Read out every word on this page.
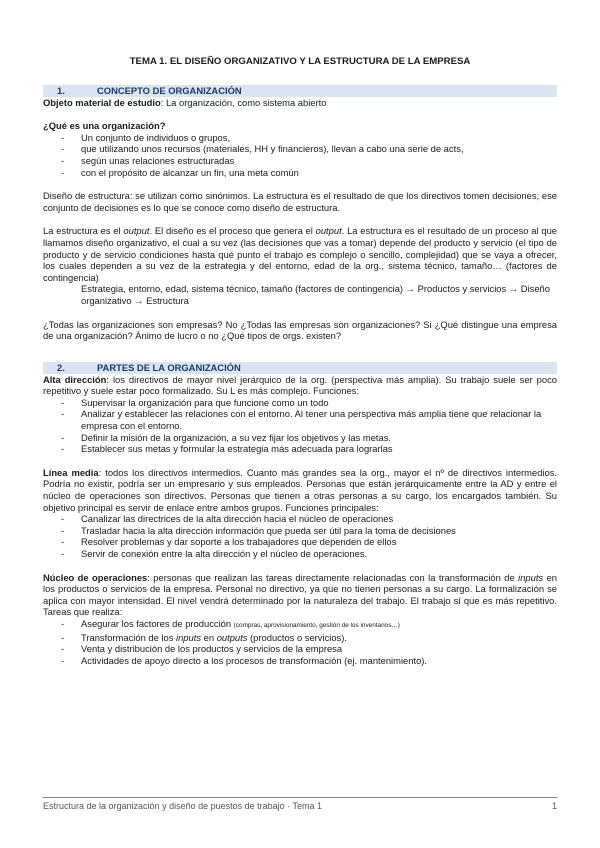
TEMA 1. EL DISEÑO ORGANIZATIVO Y LA ESTRUCTURA DE LA EMPRESA
1.	CONCEPTO DE ORGANIZACIÓN

Objeto material de estudio: La organización, como sistema abierto

¿Qué es una organización?

- Un conjunto de individuos o grupos,
- que utilizando unos recursos (materiales, HH y financieros), llevan a cabo una serie de acts,
- según unas relaciones estructuradas
- con el propósito de alcanzar un fin, una meta común

Diseño de estructura: se utilizan como sinónimos. La estructura es el resultado de que los directivos tomen decisiones, ese conjunto de decisiones es lo que se conoce como diseño de estructura.

La estructura es el output. El diseño es el proceso que genera el output. La estructura es el resultado de un proceso al que llamamos diseño organizativo, el cual a su vez (las decisiones que vas a tomar) depende del producto y servicio (el tipo de producto y de servicio condiciones hasta qué punto el trabajo es complejo o sencillo, complejidad) que se vaya a ofrecer, los cuales dependen a su vez de la estrategia y del entorno, edad de la org., sistema técnico, tamaño… (factores de contingencia)

Estrategia, entorno, edad, sistema técnico, tamaño (factores de contingencia) → Productos y servicios → Diseño organizativo → Estructura

¿Todas las organizaciones son empresas? No ¿Todas las empresas son organizaciones? Si ¿Qué distingue una empresa de una organización? Ánimo de lucro o no ¿Qué tipos de orgs. existen?

2.	PARTES DE LA ORGANIZACIÓN

Alta dirección: los directivos de mayor nivel jerárquico de la org. (perspectiva más amplia). Su trabajo suele ser poco repetitivo y suele estar poco formalizado. Su L es más complejo. Funciones:

- Supervisar la organización para que funcione como un todo
- Analizar y establecer las relaciones con el entorno. Al tener una perspectiva más amplia tiene que relacionar la empresa con el entorno.
- Definir la misión de la organización, a su vez fijar los objetivos y las metas.
- Establecer sus metas y formular la estrategia más adecuada para lograrlas

Línea media: todos los directivos intermedios. Cuanto más grandes sea la org., mayor el nº de directivos intermedios. Podría no existir, podría ser un empresario y sus empleados. Personas que están jerárquicamente entre la AD y entre el núcleo de operaciones son directivos. Personas que tienen a otras personas a su cargo, los encargados también. Su objetivo principal es servir de enlace entre ambos grupos. Funciones principales:

- Canalizar las directrices de la alta dirección hacia el núcleo de operaciones
- Trasladar hacia la alta dirección información que pueda ser útil para la toma de decisiones
- Resolver problemas y dar soporte a los trabajadores que dependen de ellos
- Servir de conexión entre la alta dirección y el núcleo de operaciones.

Núcleo de operaciones: personas que realizan las tareas directamente relacionadas con la transformación de inputs en los productos o servicios de la empresa. Personal no directivo, ya que no tienen personas a su cargo. La formalización se aplica con mayor intensidad. El nivel vendrá determinado por la naturaleza del trabajo. El trabajo sí que es más repetitivo. Tareas que realiza:

- Asegurar los factores de producción (compras, aprovisionamiento, gestión de los inventarios…)
- Transformación de los inputs en outputs (productos o servicios).
- Venta y distribución de los productos y servicios de la empresa
- Actividades de apoyo directo a los procesos de transformación (ej. mantenimiento).
Estructura de la organización y diseño de puestos de trabajo · Tema 1	1
